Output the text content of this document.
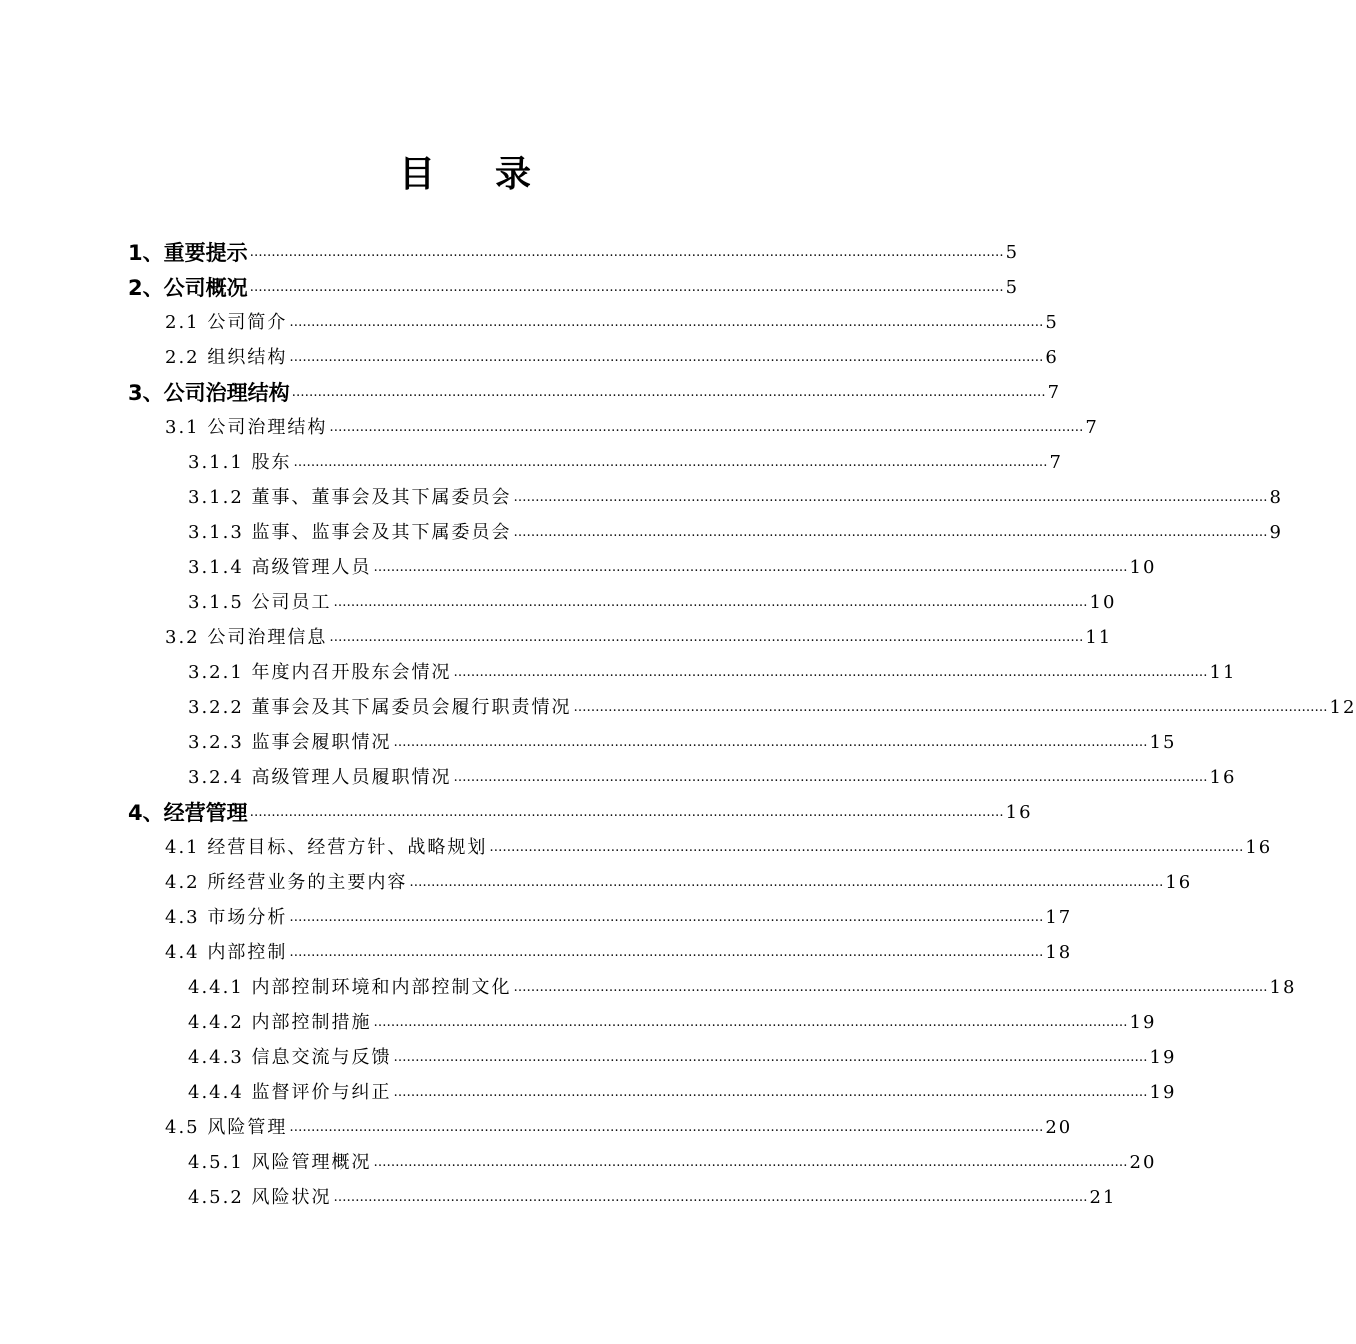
目录
1、重要提示 ………………………………………………………………………………………………………………………………………………………… 5
2、公司概况 ………………………………………………………………………………………………………………………………………………………… 5
2.1 公司简介 ………………………………………………………………………………………………………………………………………………………… 5
2.2 组织结构 ………………………………………………………………………………………………………………………………………………………… 6
3、公司治理结构 ………………………………………………………………………………………………………………………………………………………… 7
3.1 公司治理结构 ………………………………………………………………………………………………………………………………………………………… 7
3.1.1 股东 ………………………………………………………………………………………………………………………………………………………… 7
3.1.2 董事、董事会及其下属委员会 ………………………………………………………………………………………………………………………………………………………… 8
3.1.3 监事、监事会及其下属委员会 ………………………………………………………………………………………………………………………………………………………… 9
3.1.4 高级管理人员 ………………………………………………………………………………………………………………………………………………………… 10
3.1.5 公司员工 ………………………………………………………………………………………………………………………………………………………… 10
3.2 公司治理信息 ………………………………………………………………………………………………………………………………………………………… 11
3.2.1 年度内召开股东会情况 ………………………………………………………………………………………………………………………………………………………… 11
3.2.2 董事会及其下属委员会履行职责情况 ………………………………………………………………………………………………………………………………………………………… 12
3.2.3 监事会履职情况 ………………………………………………………………………………………………………………………………………………………… 15
3.2.4 高级管理人员履职情况 ………………………………………………………………………………………………………………………………………………………… 16
4、经营管理 ………………………………………………………………………………………………………………………………………………………… 16
4.1 经营目标、经营方针、战略规划 ………………………………………………………………………………………………………………………………………………………… 16
4.2 所经营业务的主要内容 ………………………………………………………………………………………………………………………………………………………… 16
4.3 市场分析 ………………………………………………………………………………………………………………………………………………………… 17
4.4 内部控制 ………………………………………………………………………………………………………………………………………………………… 18
4.4.1 内部控制环境和内部控制文化 ………………………………………………………………………………………………………………………………………………………… 18
4.4.2 内部控制措施 ………………………………………………………………………………………………………………………………………………………… 19
4.4.3 信息交流与反馈 ………………………………………………………………………………………………………………………………………………………… 19
4.4.4 监督评价与纠正 ………………………………………………………………………………………………………………………………………………………… 19
4.5 风险管理 ………………………………………………………………………………………………………………………………………………………… 20
4.5.1 风险管理概况 ………………………………………………………………………………………………………………………………………………………… 20
4.5.2 风险状况 ………………………………………………………………………………………………………………………………………………………… 21
